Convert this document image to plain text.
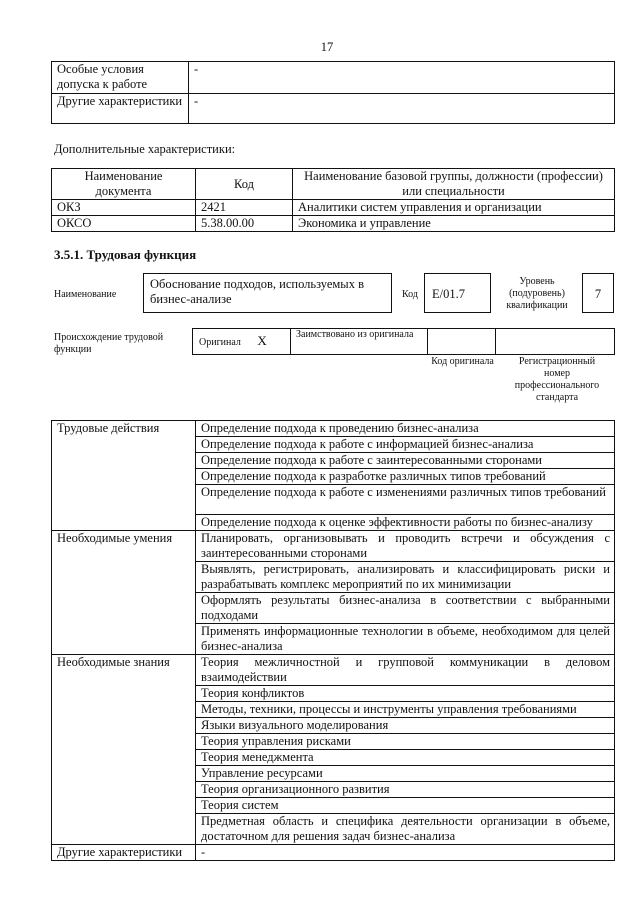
17
Особые условия допуска к работе	-
Другие характеристики	-
Дополнительные характеристики:
Наименование документа	Код	Наименование базовой группы, должности (профессии) или специальности
ОКЗ	2421	Аналитики систем управления и организации
ОКСО	5.38.00.00	Экономика и управление
3.5.1. Трудовая функция
Наименование
Обоснование подходов, используемых в бизнес-анализе	Код	E/01.7
Уровень (подуровень) квалификации
7
Происхождение трудовой функции
Оригинал X	Заимствовано из оригинала		
Код оригинала	Регистрационный номер профессионального стандарта
Трудовые действия	Определение подхода к проведению бизнес-анализа
	Определение подхода к работе с информацией бизнес-анализа
	Определение подхода к работе с заинтересованными сторонами
	Определение подхода к разработке различных типов требований
	Определение подхода к работе с изменениями различных типов требований
	Определение подхода к оценке эффективности работы по бизнес-анализу
Необходимые умения	Планировать, организовывать и проводить встречи и обсуждения с заинтересованными сторонами
	Выявлять, регистрировать, анализировать и классифицировать риски и разрабатывать комплекс мероприятий по их минимизации
	Оформлять результаты бизнес-анализа в соответствии с выбранными подходами
	Применять информационные технологии в объеме, необходимом для целей бизнес-анализа
Необходимые знания	Теория межличностной и групповой коммуникации в деловом взаимодействии
	Теория конфликтов
	Методы, техники, процессы и инструменты управления требованиями
	Языки визуального моделирования
	Теория управления рисками
	Теория менеджмента
	Управление ресурсами
	Теория организационного развития
	Теория систем
	Предметная область и специфика деятельности организации в объеме, достаточном для решения задач бизнес-анализа
Другие характеристики	-
